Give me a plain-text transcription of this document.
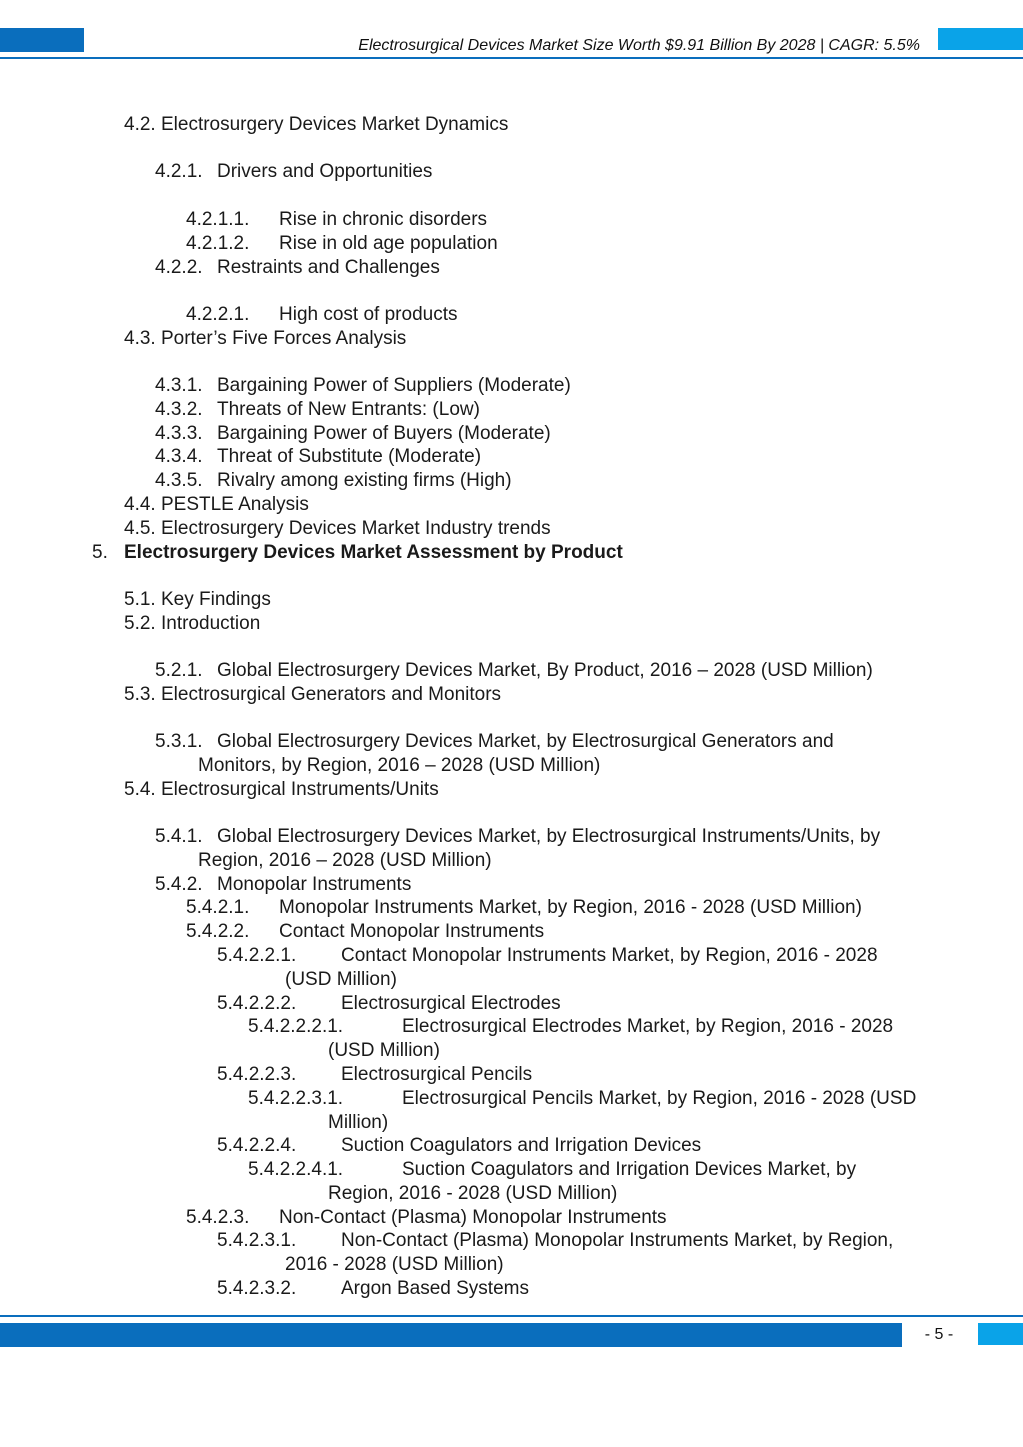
Electrosurgical Devices Market Size Worth $9.91 Billion By 2028 | CAGR: 5.5%
4.2. Electrosurgery Devices Market Dynamics
4.2.1. Drivers and Opportunities
4.2.1.1. Rise in chronic disorders
4.2.1.2. Rise in old age population
4.2.2. Restraints and Challenges
4.2.2.1. High cost of products
4.3. Porter’s Five Forces Analysis
4.3.1. Bargaining Power of Suppliers (Moderate)
4.3.2. Threats of New Entrants: (Low)
4.3.3. Bargaining Power of Buyers (Moderate)
4.3.4. Threat of Substitute (Moderate)
4.3.5. Rivalry among existing firms (High)
4.4. PESTLE Analysis
4.5. Electrosurgery Devices Market Industry trends
5. Electrosurgery Devices Market Assessment by Product
5.1. Key Findings
5.2. Introduction
5.2.1. Global Electrosurgery Devices Market, By Product, 2016 – 2028 (USD Million)
5.3. Electrosurgical Generators and Monitors
5.3.1. Global Electrosurgery Devices Market, by Electrosurgical Generators and
Monitors, by Region, 2016 – 2028 (USD Million)
5.4. Electrosurgical Instruments/Units
5.4.1. Global Electrosurgery Devices Market, by Electrosurgical Instruments/Units, by
Region, 2016 – 2028 (USD Million)
5.4.2. Monopolar Instruments
5.4.2.1. Monopolar Instruments Market, by Region, 2016 - 2028 (USD Million)
5.4.2.2. Contact Monopolar Instruments
5.4.2.2.1. Contact Monopolar Instruments Market, by Region, 2016 - 2028
(USD Million)
5.4.2.2.2. Electrosurgical Electrodes
5.4.2.2.2.1.	Electrosurgical Electrodes Market, by Region, 2016 - 2028
(USD Million)
5.4.2.2.3. Electrosurgical Pencils
5.4.2.2.3.1.	Electrosurgical Pencils Market, by Region, 2016 - 2028 (USD
Million)
5.4.2.2.4. Suction Coagulators and Irrigation Devices
5.4.2.2.4.1.	Suction Coagulators and Irrigation Devices Market, by
Region, 2016 - 2028 (USD Million)
5.4.2.3. Non-Contact (Plasma) Monopolar Instruments
5.4.2.3.1. Non-Contact (Plasma) Monopolar Instruments Market, by Region,
2016 - 2028 (USD Million)
5.4.2.3.2. Argon Based Systems
- 5 -
